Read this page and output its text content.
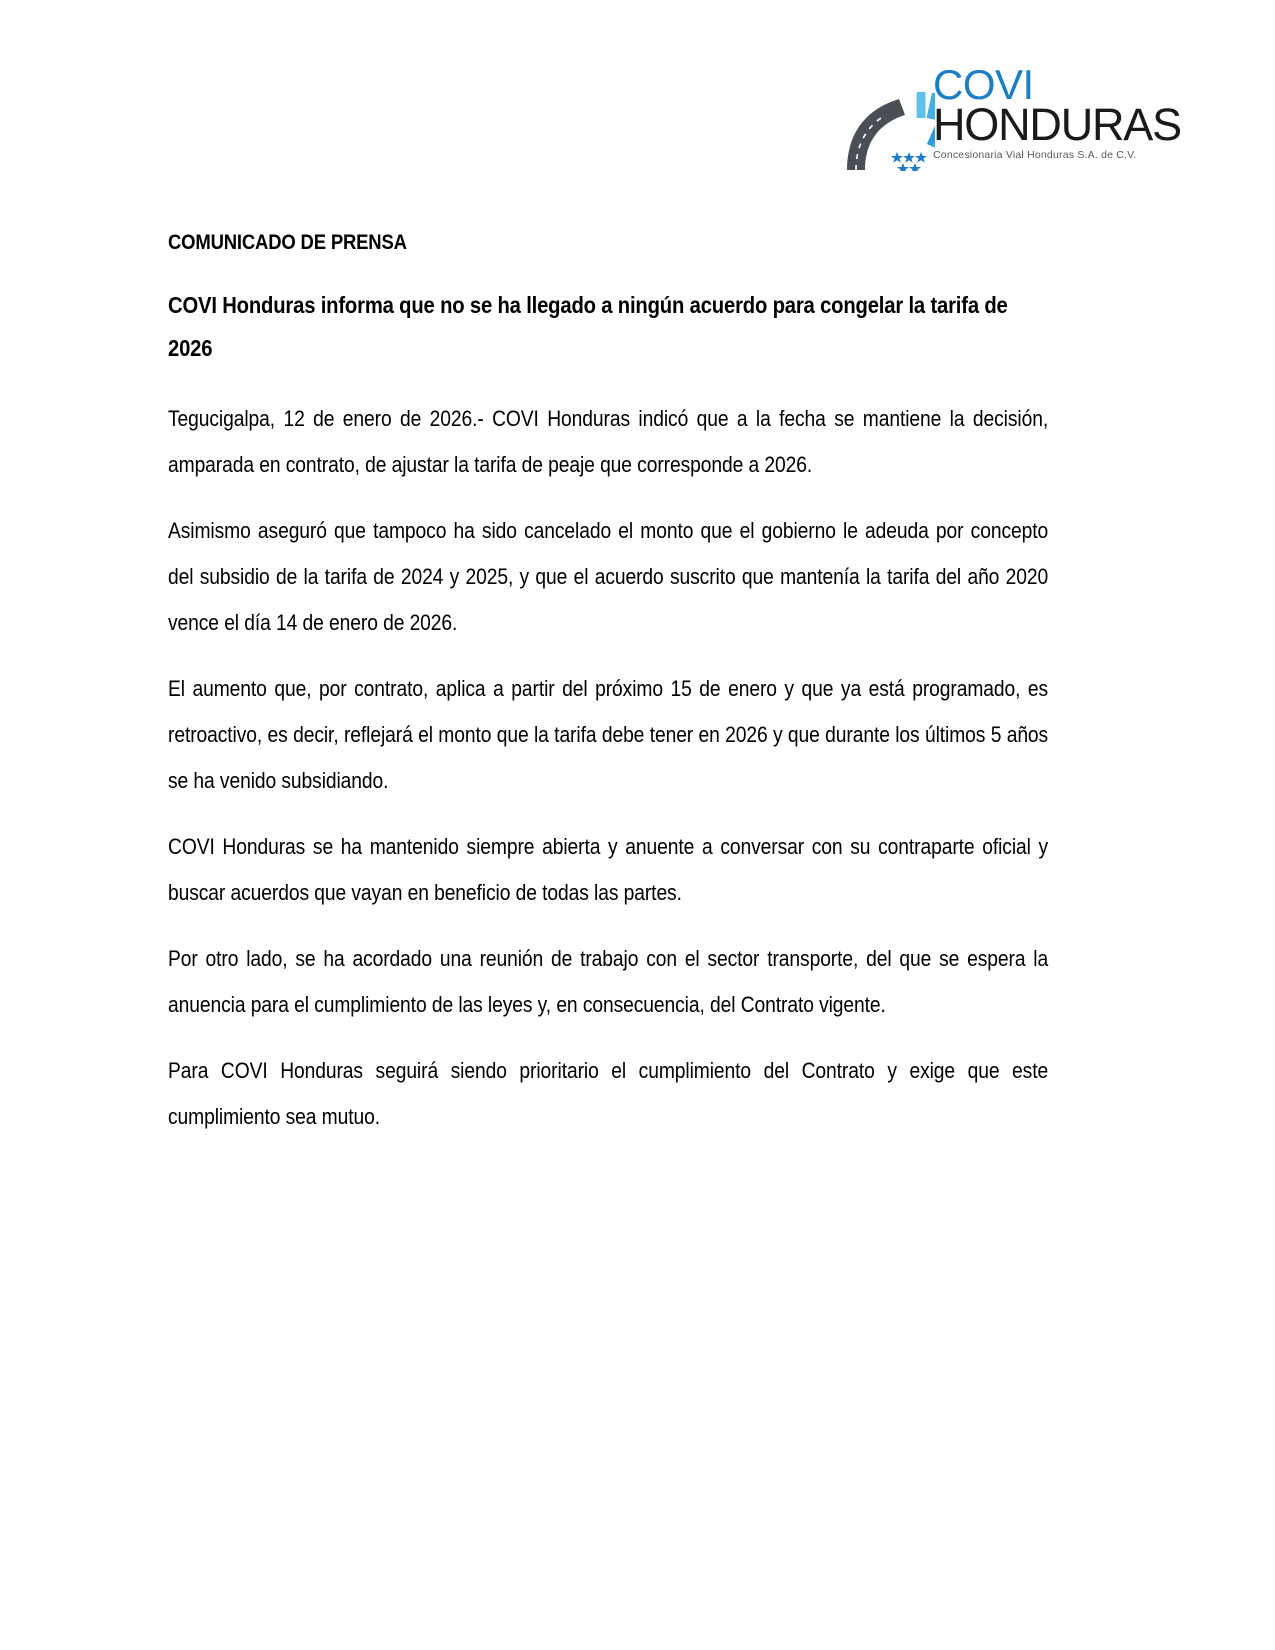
COVI
HONDURAS
Concesionaria Vial Honduras S.A. de C.V.
COMUNICADO DE PRENSA
COVI Honduras informa que no se ha llegado a ningún acuerdo para congelar la tarifa de 2026

Tegucigalpa, 12 de enero de 2026.- COVI Honduras indicó que a la fecha se mantiene la decisión, amparada en contrato, de ajustar la tarifa de peaje que corresponde a 2026.

Asimismo aseguró que tampoco ha sido cancelado el monto que el gobierno le adeuda por concepto del subsidio de la tarifa de 2024 y 2025, y que el acuerdo suscrito que mantenía la tarifa del año 2020 vence el día 14 de enero de 2026.

El aumento que, por contrato, aplica a partir del próximo 15 de enero y que ya está programado, es retroactivo, es decir, reflejará el monto que la tarifa debe tener en 2026 y que durante los últimos 5 años se ha venido subsidiando.

COVI Honduras se ha mantenido siempre abierta y anuente a conversar con su contraparte oficial y buscar acuerdos que vayan en beneficio de todas las partes.

Por otro lado, se ha acordado una reunión de trabajo con el sector transporte, del que se espera la anuencia para el cumplimiento de las leyes y, en consecuencia, del Contrato vigente.

Para COVI Honduras seguirá siendo prioritario el cumplimiento del Contrato y exige que este cumplimiento sea mutuo.
